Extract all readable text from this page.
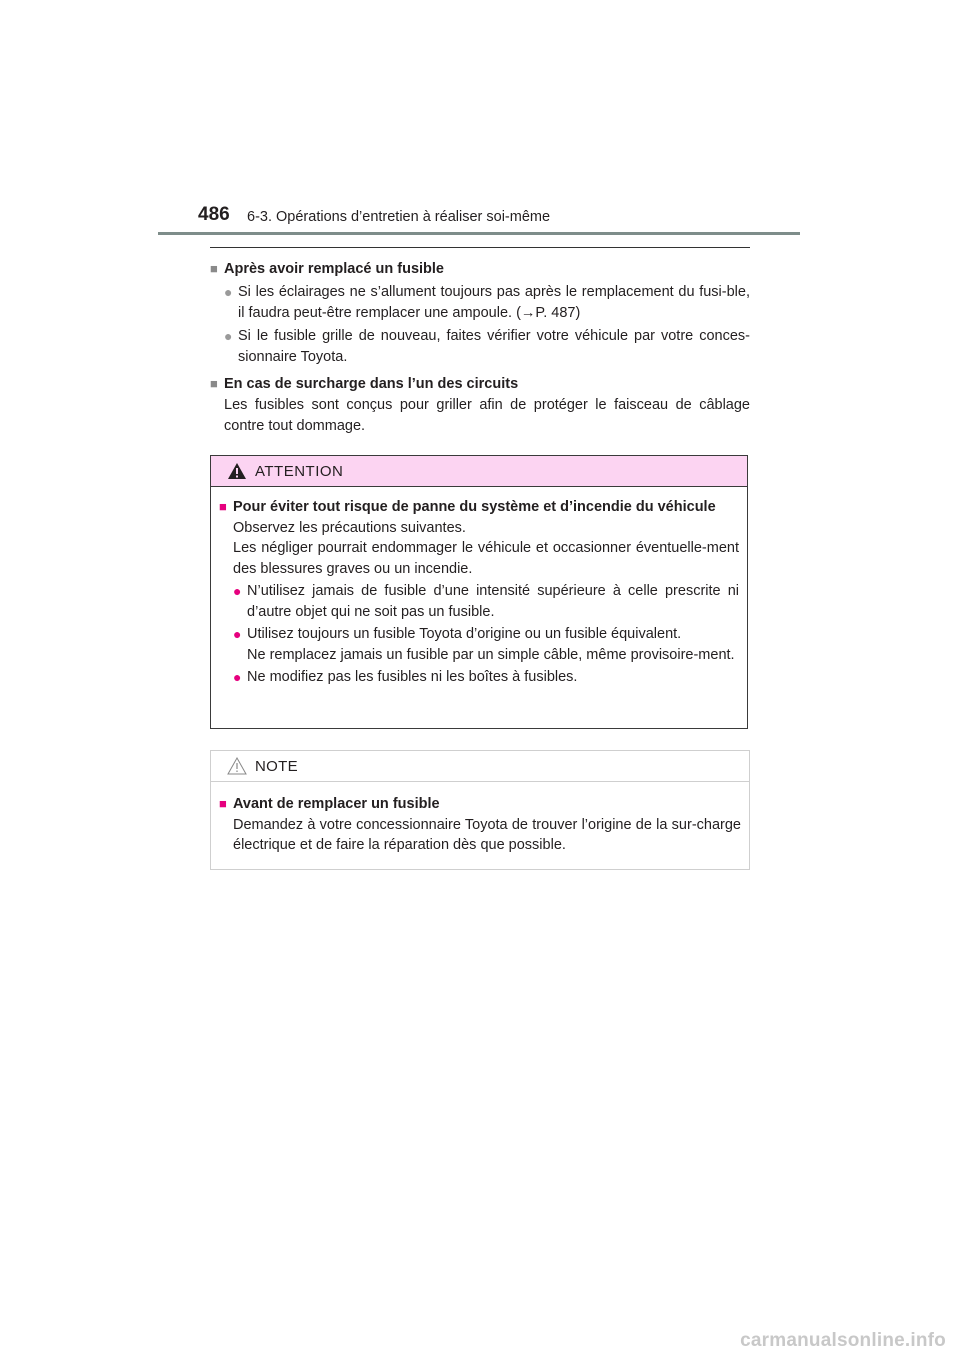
486 6-3. Opérations d’entretien à réaliser soi-même
■ Après avoir remplacé un fusible
● Si les éclairages ne s’allument toujours pas après le remplacement du fusi-ble, il faudra peut-être remplacer une ampoule. (→P. 487)
● Si le fusible grille de nouveau, faites vérifier votre véhicule par votre conces-sionnaire Toyota.
■ En cas de surcharge dans l’un des circuits
Les fusibles sont conçus pour griller afin de protéger le faisceau de câblage contre tout dommage.
ATTENTION
■ Pour éviter tout risque de panne du système et d’incendie du véhicule
Observez les précautions suivantes.
Les négliger pourrait endommager le véhicule et occasionner éventuelle-ment des blessures graves ou un incendie.
● N’utilisez jamais de fusible d’une intensité supérieure à celle prescrite ni d’autre objet qui ne soit pas un fusible.
● Utilisez toujours un fusible Toyota d’origine ou un fusible équivalent.
Ne remplacez jamais un fusible par un simple câble, même provisoire-ment.
● Ne modifiez pas les fusibles ni les boîtes à fusibles.
NOTE
■ Avant de remplacer un fusible
Demandez à votre concessionnaire Toyota de trouver l’origine de la sur-charge électrique et de faire la réparation dès que possible.
carmanualsonline.info
